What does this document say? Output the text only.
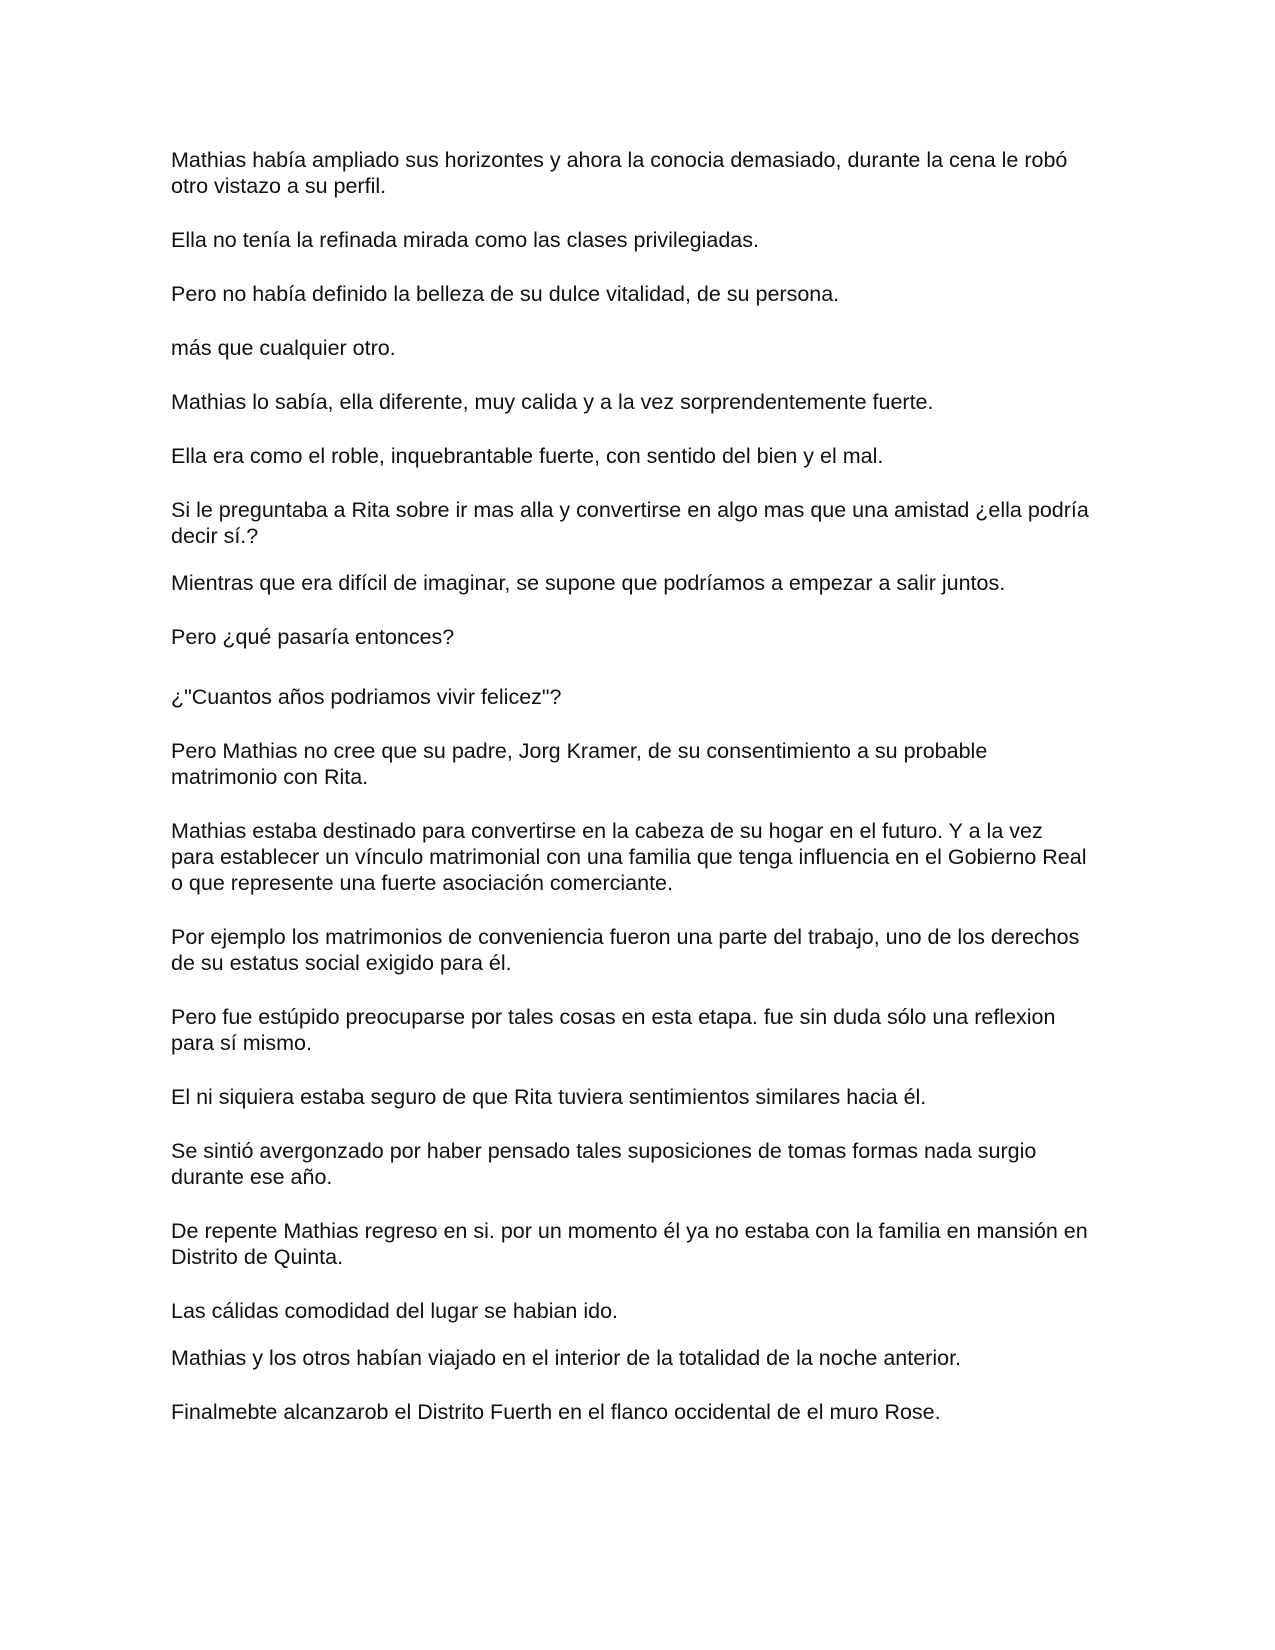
Mathias había ampliado sus horizontes y ahora la conocia demasiado, durante la cena le robó otro vistazo a su perfil.

Ella no tenía la refinada mirada como las clases privilegiadas.

Pero no había definido la belleza de su dulce vitalidad, de su persona.

más que cualquier otro.

Mathias lo sabía, ella diferente, muy calida y a la vez sorprendentemente fuerte.

Ella era como el roble, inquebrantable fuerte, con sentido del bien y el mal.

Si le preguntaba a Rita sobre ir mas alla y convertirse en algo mas que una amistad ¿ella podría decir sí.?

Mientras que era difícil de imaginar, se supone que podríamos a empezar a salir juntos.

Pero ¿qué pasaría entonces?

¿"Cuantos años podriamos vivir felicez"?

Pero Mathias no cree que su padre, Jorg Kramer, de su consentimiento a su probable matrimonio con Rita.

Mathias estaba destinado para convertirse en la cabeza de su hogar en el futuro. Y a la vez para establecer un vínculo matrimonial con una familia que tenga influencia en el Gobierno Real o que represente una fuerte asociación comerciante.

Por ejemplo los matrimonios de conveniencia fueron una parte del trabajo, uno de los derechos de su estatus social exigido para él.

Pero fue estúpido preocuparse por tales cosas en esta etapa. fue sin duda sólo una reflexion para sí mismo.

El ni siquiera estaba seguro de que Rita tuviera sentimientos similares hacia él.

Se sintió avergonzado por haber pensado tales suposiciones de tomas formas nada surgio durante ese año.

De repente Mathias regreso en si. por un momento él ya no estaba con la familia en mansión en Distrito de Quinta.

Las cálidas comodidad del lugar se habian ido.

Mathias y los otros habían viajado en el interior de la totalidad de la noche anterior.

Finalmebte alcanzarob el Distrito Fuerth en el flanco occidental de el muro Rose.
